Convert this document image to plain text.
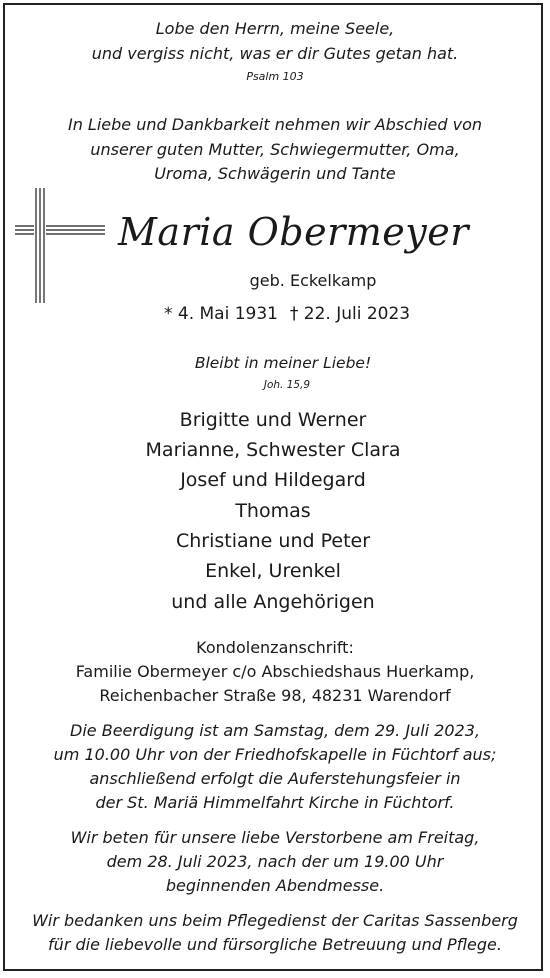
Lobe den Herrn, meine Seele,
und vergiss nicht, was er dir Gutes getan hat.
Psalm 103
In Liebe und Dankbarkeit nehmen wir Abschied von
unserer guten Mutter, Schwiegermutter, Oma,
Uroma, Schwägerin und Tante
Maria Obermeyer
geb. Eckelkamp
* 4. Mai 1931 † 22. Juli 2023
Bleibt in meiner Liebe!
Joh. 15,9
Brigitte und Werner
Marianne, Schwester Clara
Josef und Hildegard
Thomas
Christiane und Peter
Enkel, Urenkel
und alle Angehörigen
Kondolenzanschrift:
Familie Obermeyer c/o Abschiedshaus Huerkamp,
Reichenbacher Straße 98, 48231 Warendorf
Die Beerdigung ist am Samstag, dem 29. Juli 2023,
um 10.00 Uhr von der Friedhofskapelle in Füchtorf aus;
anschließend erfolgt die Auferstehungsfeier in
der St. Mariä Himmelfahrt Kirche in Füchtorf.
Wir beten für unsere liebe Verstorbene am Freitag,
dem 28. Juli 2023, nach der um 19.00 Uhr
beginnenden Abendmesse.
Wir bedanken uns beim Pflegedienst der Caritas Sassenberg
für die liebevolle und fürsorgliche Betreuung und Pflege.
